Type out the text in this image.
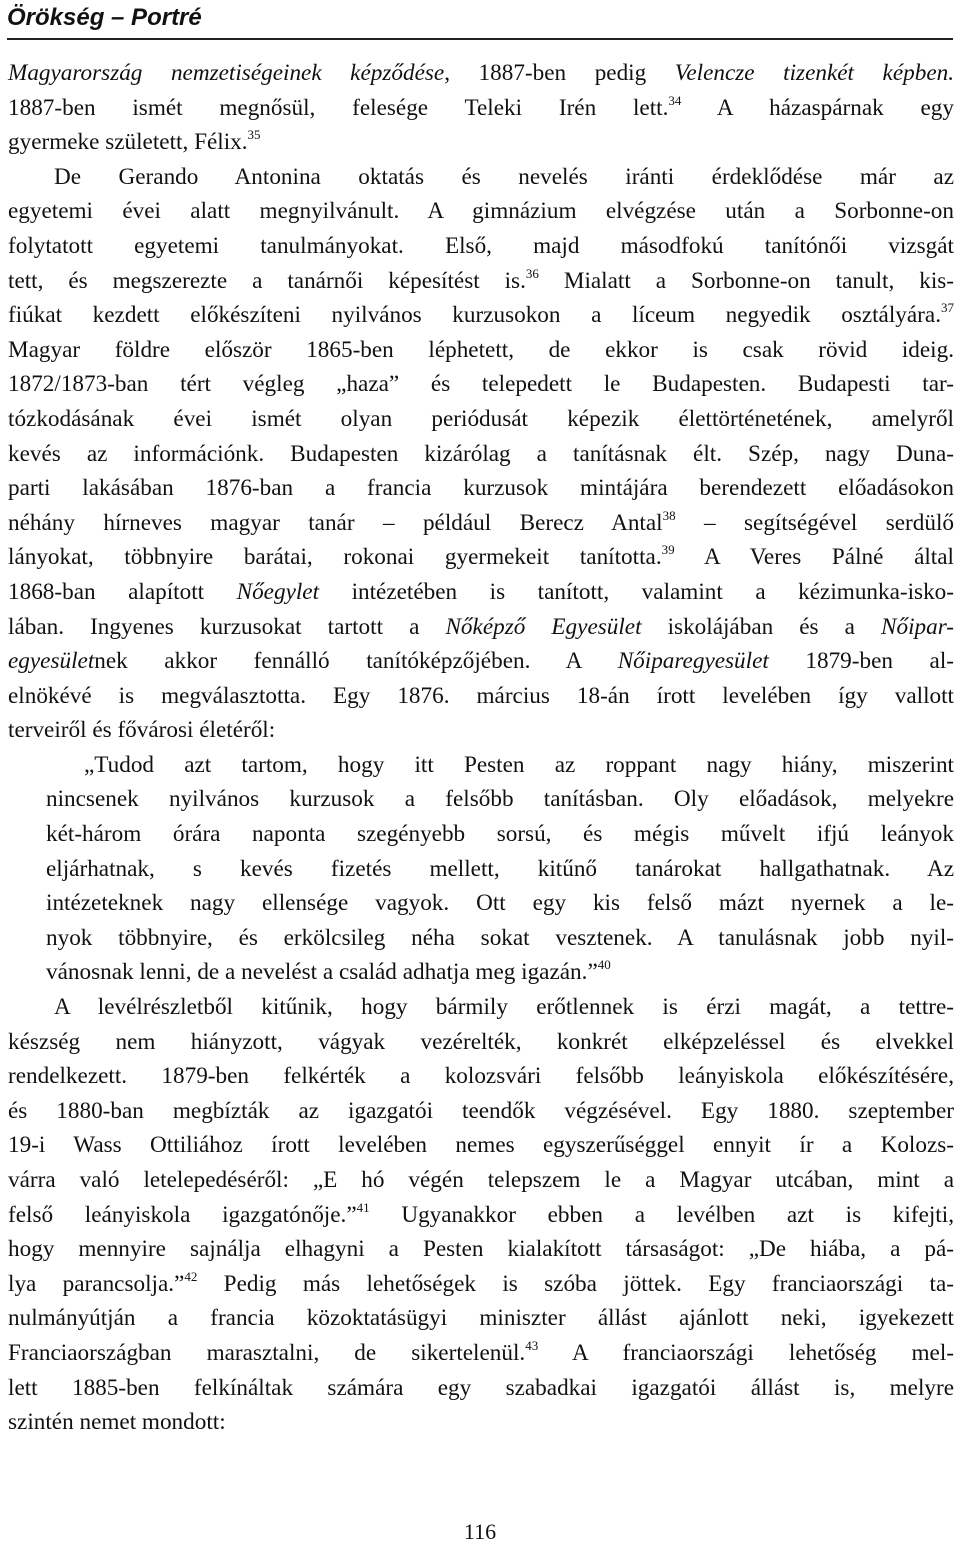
Örökség – Portré
Magyarország nemzetiségeinek képződése, 1887-ben pedig Velencze tizenkét képben.
1887-ben ismét megnősül, felesége Teleki Irén lett.$^{34}$ A házaspárnak egy
gyermeke született, Félix.$^{35}$
De Gerando Antonina oktatás és nevelés iránti érdeklődése már az
egyetemi évei alatt megnyilvánult. A gimnázium elvégzése után a Sorbonne-on
folytatott egyetemi tanulmányokat. Első, majd másodfokú tanítónői vizsgát
tett, és megszerezte a tanárnői képesítést is.$^{36}$ Mialatt a Sorbonne-on tanult, kis-
fiúkat kezdett előkészíteni nyilvános kurzusokon a líceum negyedik osztályára.$^{37}$
Magyar földre először 1865-ben léphetett, de ekkor is csak rövid ideig.
1872/1873-ban tért végleg „haza” és telepedett le Budapesten. Budapesti tar-
tózkodásának évei ismét olyan periódusát képezik élettörténetének, amelyről
kevés az információnk. Budapesten kizárólag a tanításnak élt. Szép, nagy Duna-
parti lakásában 1876-ban a francia kurzusok mintájára berendezett előadásokon
néhány hírneves magyar tanár – például Berecz Antal$^{38}$ – segítségével serdülő
lányokat, többnyire barátai, rokonai gyermekeit tanította.$^{39}$ A Veres Pálné által
1868-ban alapított Nőegylet intézetében is tanított, valamint a kézimunka-isko-
lában. Ingyenes kurzusokat tartott a Nőképző Egyesület iskolájában és a Nőipar-
egyesületnek akkor fennálló tanítóképzőjében. A Nőiparegyesület 1879-ben al-
elnökévé is megválasztotta. Egy 1876. március 18-án írott levelében így vallott
terveiről és fővárosi életéről:
„Tudod azt tartom, hogy itt Pesten az roppant nagy hiány, miszerint
nincsenek nyilvános kurzusok a felsőbb tanításban. Oly előadások, melyekre
két-három órára naponta szegényebb sorsú, és mégis művelt ifjú leányok
eljárhatnak, s kevés fizetés mellett, kitűnő tanárokat hallgathatnak. Az
intézeteknek nagy ellensége vagyok. Ott egy kis felső mázt nyernek a le-
nyok többnyire, és erkölcsileg néha sokat vesztenek. A tanulásnak jobb nyil-
vánosnak lenni, de a nevelést a család adhatja meg igazán.”$^{40}$
A levélrészletből kitűnik, hogy bármily erőtlennek is érzi magát, a tettre-
készség nem hiányzott, vágyak vezérelték, konkrét elképzeléssel és elvekkel
rendelkezett. 1879-ben felkérték a kolozsvári felsőbb leányiskola előkészítésére,
és 1880-ban megbízták az igazgatói teendők végzésével. Egy 1880. szeptember
19-i Wass Ottiliához írott levelében nemes egyszerűséggel ennyit ír a Kolozs-
várra való letelepedéséről: „E hó végén telepszem le a Magyar utcában, mint a
felső leányiskola igazgatónője.”$^{41}$ Ugyanakkor ebben a levélben azt is kifejti,
hogy mennyire sajnálja elhagyni a Pesten kialakított társaságot: „De hiába, a pá-
lya parancsolja.”$^{42}$ Pedig más lehetőségek is szóba jöttek. Egy franciaországi ta-
nulmányútján a francia közoktatásügyi miniszter állást ajánlott neki, igyekezett
Franciaországban marasztalni, de sikertelenül.$^{43}$ A franciaországi lehetőség mel-
lett 1885-ben felkínáltak számára egy szabadkai igazgatói állást is, melyre
szintén nemet mondott:
116
